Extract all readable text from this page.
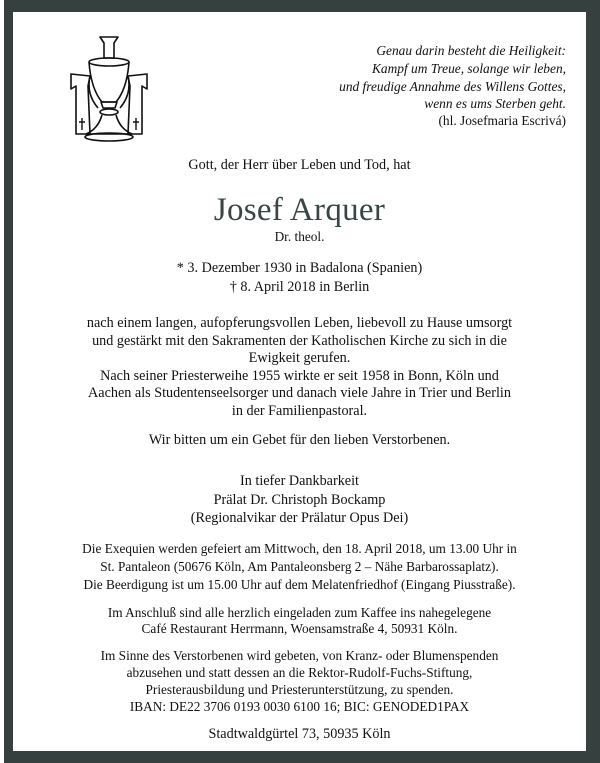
Genau darin besteht die Heiligkeit:
Kampf um Treue, solange wir leben,
und freudige Annahme des Willens Gottes,
wenn es ums Sterben geht.
(hl. Josefmaria Escrivá)
Gott, der Herr über Leben und Tod, hat
Josef Arquer
Dr. theol.
* 3. Dezember 1930 in Badalona (Spanien)
† 8. April 2018 in Berlin
nach einem langen, aufopferungsvollen Leben, liebevoll zu Hause umsorgt
und gestärkt mit den Sakramenten der Katholischen Kirche zu sich in die
Ewigkeit gerufen.
Nach seiner Priesterweihe 1955 wirkte er seit 1958 in Bonn, Köln und
Aachen als Studentenseelsorger und danach viele Jahre in Trier und Berlin
in der Familienpastoral.
Wir bitten um ein Gebet für den lieben Verstorbenen.
In tiefer Dankbarkeit
Prälat Dr. Christoph Bockamp
(Regionalvikar der Prälatur Opus Dei)
Die Exequien werden gefeiert am Mittwoch, den 18. April 2018, um 13.00 Uhr in
St. Pantaleon (50676 Köln, Am Pantaleonsberg 2 – Nähe Barbarossaplatz).
Die Beerdigung ist um 15.00 Uhr auf dem Melatenfriedhof (Eingang Piusstraße).
Im Anschluß sind alle herzlich eingeladen zum Kaffee ins nahegelegene
Café Restaurant Herrmann, Woensamstraße 4, 50931 Köln.
Im Sinne des Verstorbenen wird gebeten, von Kranz- oder Blumenspenden
abzusehen und statt dessen an die Rektor-Rudolf-Fuchs-Stiftung,
Priesterausbildung und Priesterunterstützung, zu spenden.
IBAN: DE22 3706 0193 0030 6100 16; BIC: GENODED1PAX
Stadtwaldgürtel 73, 50935 Köln
